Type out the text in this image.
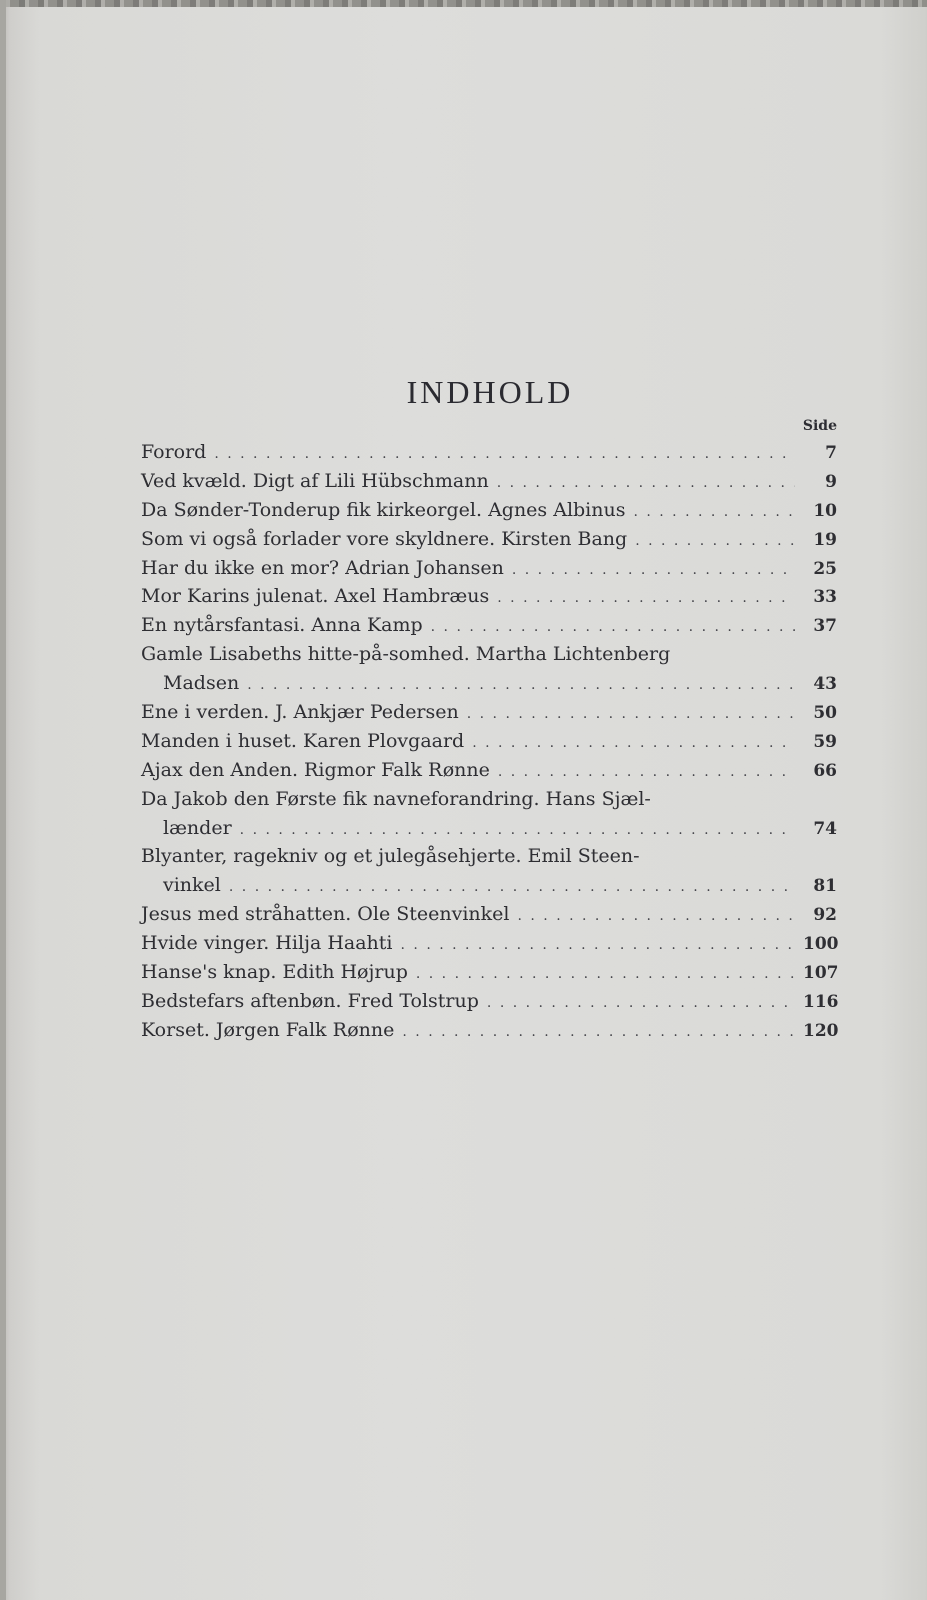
INDHOLD
Side
Forord . . .	7
Ved kvæld. Digt af Lili Hübschmann . . .	9
Da Sønder-Tonderup fik kirkeorgel. Agnes Albinus . . .	10
Som vi også forlader vore skyldnere. Kirsten Bang . . .	19
Har du ikke en mor? Adrian Johansen . . .	25
Mor Karins julenat. Axel Hambræus . . .	33
En nytårsfantasi. Anna Kamp . . .	37
Gamle Lisabeths hitte-på-somhed. Martha Lichtenberg
Madsen . . .	43
Ene i verden. J. Ankjær Pedersen . . .	50
Manden i huset. Karen Plovgaard . . .	59
Ajax den Anden. Rigmor Falk Rønne . . .	66
Da Jakob den Første fik navneforandring. Hans Sjæl-
lænder . . .	74
Blyanter, ragekniv og et julegåsehjerte. Emil Steen-
vinkel . . .	81
Jesus med stråhatten. Ole Steenvinkel . . .	92
Hvide vinger. Hilja Haahti . . .	100
Hanse's knap. Edith Højrup . . .	107
Bedstefars aftenbøn. Fred Tolstrup . . .	116
Korset. Jørgen Falk Rønne . . .	120
